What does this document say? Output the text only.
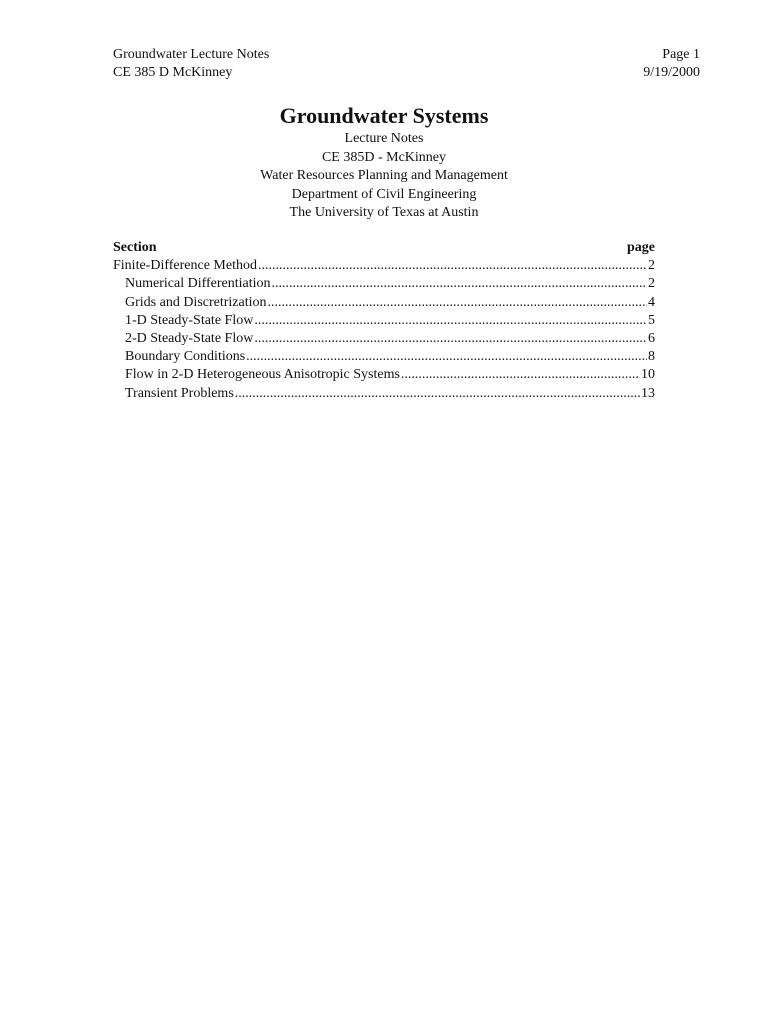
Groundwater Lecture Notes	Page 1
CE 385 D McKinney	9/19/2000
Groundwater Systems
Lecture Notes
CE 385D - McKinney
Water Resources Planning and Management
Department of Civil Engineering
The University of Texas at Austin
Section	page
Finite-Difference Method .....	2
Numerical Differentiation .....	2
Grids and Discretrization .....	4
1-D Steady-State Flow .....	5
2-D Steady-State Flow .....	6
Boundary Conditions .....	8
Flow in 2-D Heterogeneous Anisotropic Systems .....	10
Transient Problems .....	13
